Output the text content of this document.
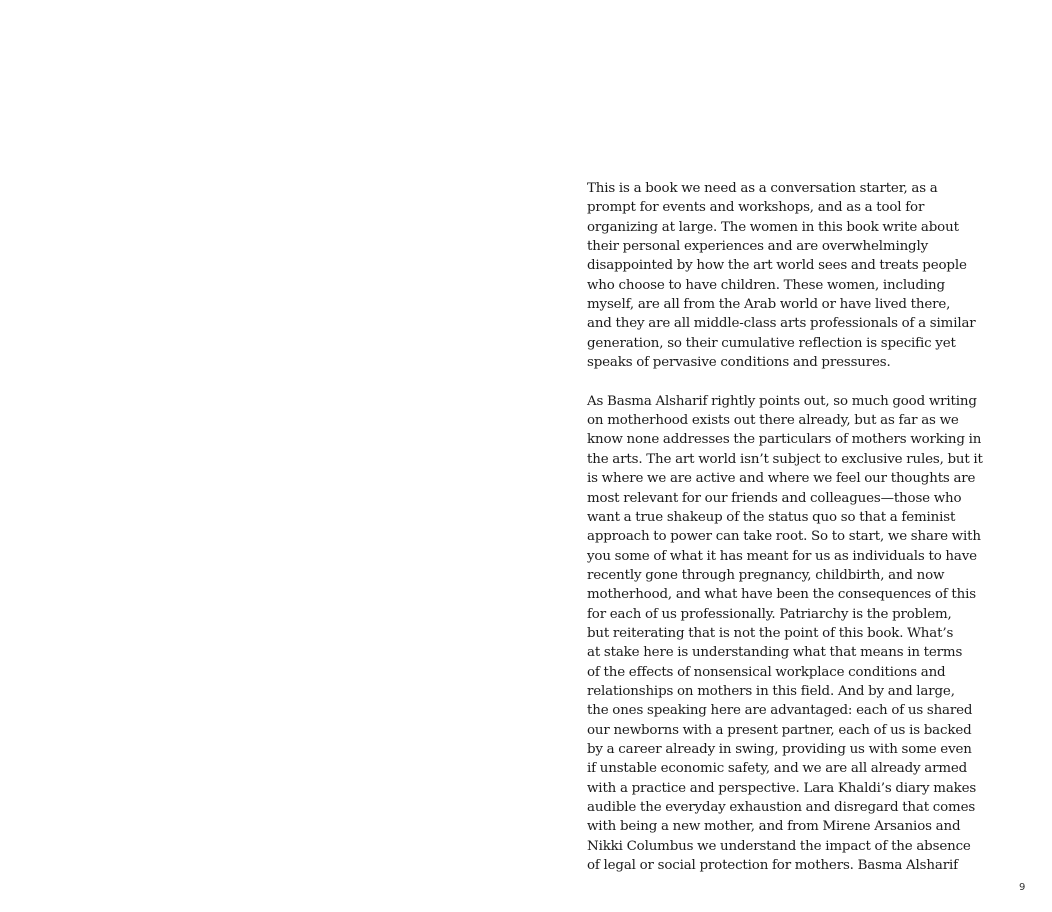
This is a book we need as a conversation starter, as a
prompt for events and workshops, and as a tool for
organizing at large. The women in this book write about
their personal experiences and are overwhelmingly
disappointed by how the art world sees and treats people
who choose to have children. These women, including
myself, are all from the Arab world or have lived there,
and they are all middle-class arts professionals of a similar
generation, so their cumulative reflection is specific yet
speaks of pervasive conditions and pressures.
As Basma Alsharif rightly points out, so much good writing
on motherhood exists out there already, but as far as we
know none addresses the particulars of mothers working in
the arts. The art world isn’t subject to exclusive rules, but it
is where we are active and where we feel our thoughts are
most relevant for our friends and colleagues—those who
want a true shakeup of the status quo so that a feminist
approach to power can take root. So to start, we share with
you some of what it has meant for us as individuals to have
recently gone through pregnancy, childbirth, and now
motherhood, and what have been the consequences of this
for each of us professionally. Patriarchy is the problem,
but reiterating that is not the point of this book. What’s
at stake here is understanding what that means in terms
of the effects of nonsensical workplace conditions and
relationships on mothers in this field. And by and large,
the ones speaking here are advantaged: each of us shared
our newborns with a present partner, each of us is backed
by a career already in swing, providing us with some even
if unstable economic safety, and we are all already armed
with a practice and perspective. Lara Khaldi’s diary makes
audible the everyday exhaustion and disregard that comes
with being a new mother, and from Mirene Arsanios and
Nikki Columbus we understand the impact of the absence
of legal or social protection for mothers. Basma Alsharif
9
